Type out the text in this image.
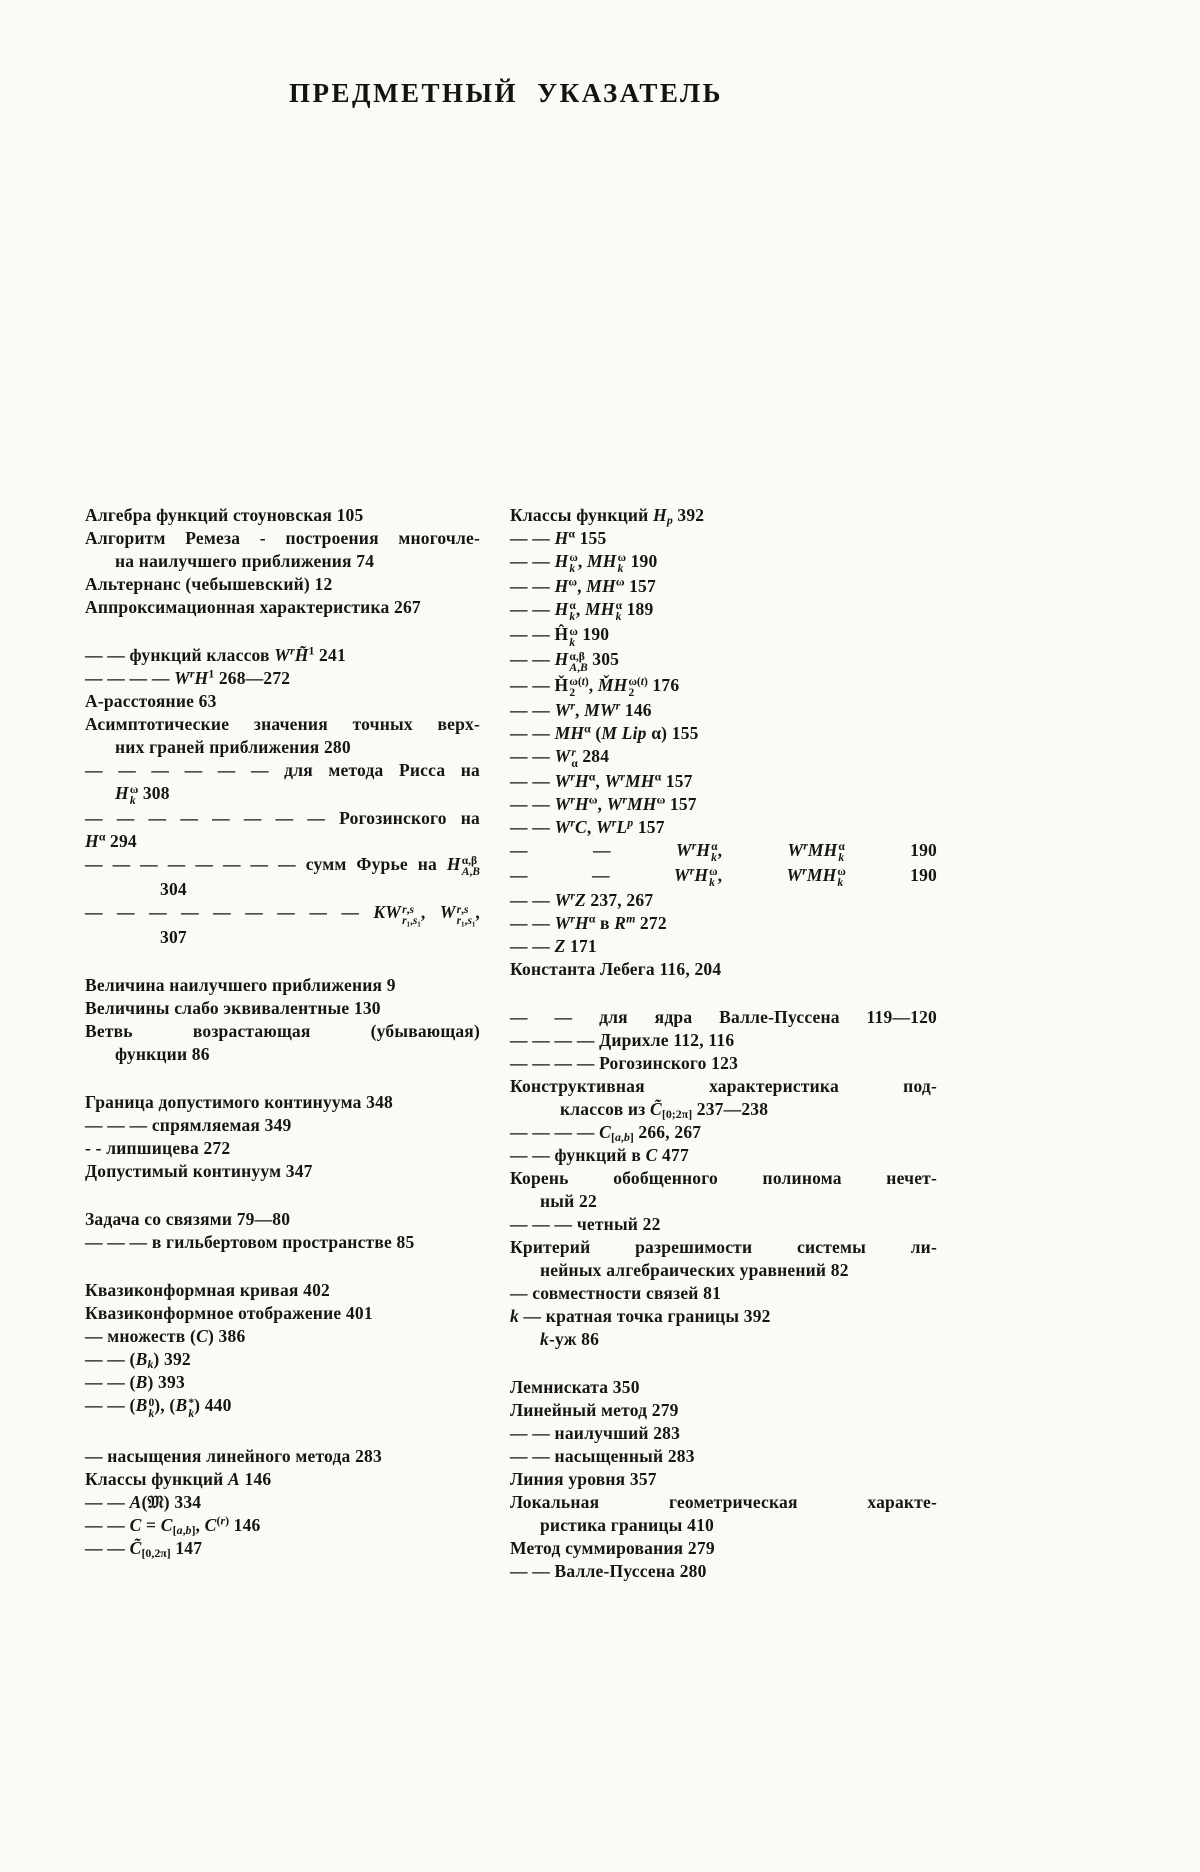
ПРЕДМЕТНЫЙ УКАЗАТЕЛЬ
Алгебра функций стоуновская 105
Алгоритм Ремеза - построения многочле-
на наилучшего приближения 74
Альтернанс (чебышевский) 12
Аппроксимационная характеристика 267
— — функций классов $W^rH̃^1$ 241
— — — — $W^rH^1$ 268—272
А-расстояние 63
Асимптотические значения точных верх-
них граней приближения 280
— — — — — — для метода Рисса на
H ω
k 308
— — — — — — — — Рогозинского на
$H^\alpha$ 294
— — — — — — — — сумм Фурье на H α,β
A,B
304
— — — — — — — — — KW r,s
r₁,s₁ , W r,s
r₁,s₁ ,
307
Величина наилучшего приближения 9
Величины слабо эквивалентные 130
Ветвь возрастающая (убывающая)
функции 86
Граница допустимого континуума 348
— — — спрямляемая 349
- - липшицева 272
Допустимый континуум 347
Задача со связями 79—80
— — — в гильбертовом пространстве 85
Квазиконформная кривая 402
Квазиконформное отображение 401
— множеств (C) 386
— — $(B_k)$ 392
— — (B) 393
— — (B 0
k ), (B *
k ) 440
— насыщения линейного метода 283
Классы функций A 146
— — A(𝔐) 334
— — $C = C_{[a,b]}$, $C^{(r)}$ 146
— — $C̃_{[0,2\pi]}$ 147
Классы функций $H_p$ 392
— — $H^\alpha$ 155
— — H ω
k , MH ω
k 190
— — $H^\omega$, $MH^\omega$ 157
— — H α
k , MH α
k 189
— — Ĥ ω
k 190
— — H α,β
A,B 305
— — Ȟ ω(t)
2 , M̌H ω(t)
2 176
— — $W^r$, $MW^r$ 146
— — $MH^\alpha$ (M Lip α) 155
— — W r
α 284
— — $W^rH^\alpha$, $W^rMH^\alpha$ 157
— — $W^rH^\omega$, $W^rMH^\omega$ 157
— — $W^rC$, $W^rL^p$ 157
— — $W^rH$ α
k , $W^rMH$ α
k 190
— — $W^rH$ ω
k , $W^rMH$ ω
k 190
— — $W^rZ$ 237, 267
— — $W^rH^\alpha$ в $R^m$ 272
— — Z 171
Константа Лебега 116, 204
— — для ядра Валле-Пуссена 119—120
— — — — Дирихле 112, 116
— — — — Рогозинского 123
Конструктивная характеристика под-
классов из $C̃_{[0;2\pi]}$ 237—238
— — — — $C_{[a,b]}$ 266, 267
— — функций в C 477
Корень обобщенного полинома нечет-
ный 22
— — — четный 22
Критерий разрешимости системы ли-
нейных алгебраических уравнений 82
— совместности связей 81
k — кратная точка границы 392
k-уж 86
Лемниската 350
Линейный метод 279
— — наилучший 283
— — насыщенный 283
Линия уровня 357
Локальная геометрическая характе-
ристика границы 410
Метод суммирования 279
— — Валле-Пуссена 280
